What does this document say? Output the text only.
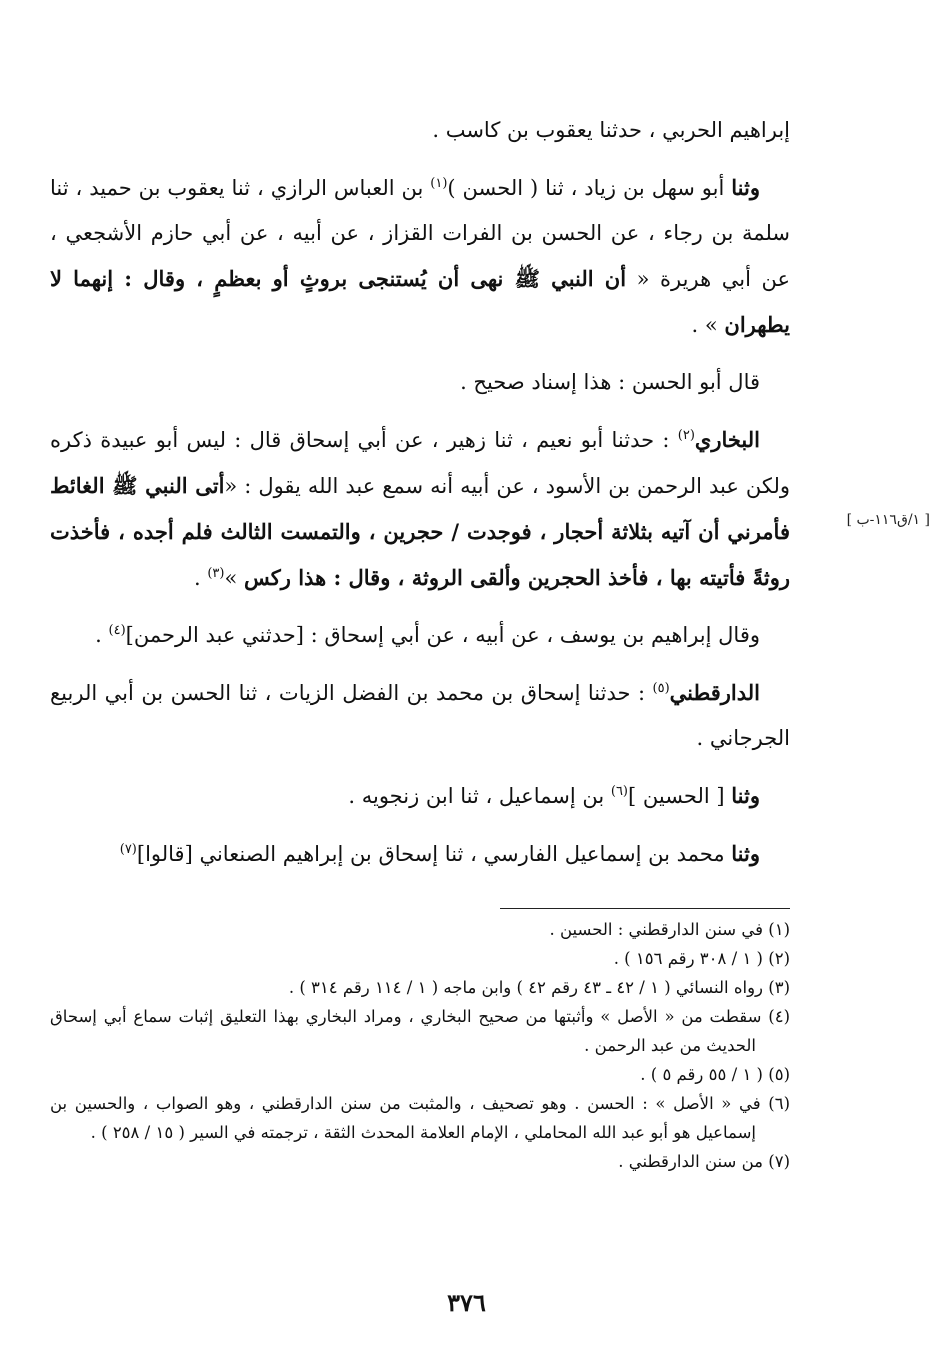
إبراهيم الحربي ، حدثنا يعقوب بن كاسب .

وثنا أبو سهل بن زياد ، ثنا ( الحسن )$^{(١)}$ بن العباس الرازي ، ثنا يعقوب بن حميد ، ثنا سلمة بن رجاء ، عن الحسن بن الفرات القزاز ، عن أبيه ، عن أبي حازم الأشجعي ، عن أبي هريرة « أن النبي ﷺ نهى أن يُستنجى بروثٍ أو بعظمٍ ، وقال : إنهما لا يطهران » .

قال أبو الحسن : هذا إسناد صحيح .

البخاري$^{(٢)}$ : حدثنا أبو نعيم ، ثنا زهير ، عن أبي إسحاق قال : ليس أبو عبيدة ذكره ولكن عبد الرحمن بن الأسود ، عن أبيه أنه سمع عبد الله يقول : «أتى النبي ﷺ الغائط فأمرني أن آتيه بثلاثة أحجار ، فوجدت / حجرين ، والتمست الثالث فلم أجده ، فأخذت روثةً فأتيته بها ، فأخذ الحجرين وألقى الروثة ، وقال : هذا ركس »$^{(٣)}$ .

وقال إبراهيم بن يوسف ، عن أبيه ، عن أبي إسحاق : [حدثني عبد الرحمن]$^{(٤)}$ .

الدارقطني$^{(٥)}$ : حدثنا إسحاق بن محمد بن الفضل الزيات ، ثنا الحسن بن أبي الربيع الجرجاني .

وثنا [ الحسين ]$^{(٦)}$ بن إسماعيل ، ثنا ابن زنجويه .

وثنا محمد بن إسماعيل الفارسي ، ثنا إسحاق بن إبراهيم الصنعاني [قالوا]$^{(٧)}$

[ ١/ق١١٦-ب ]

(١) في سنن الدارقطني : الحسين .

(٢) ( ١ / ٣٠٨ رقم ١٥٦ ) .

(٣) رواه النسائي ( ١ / ٤٢ ـ ٤٣ رقم ٤٢ ) وابن ماجه ( ١ / ١١٤ رقم ٣١٤ ) .

(٤) سقطت من « الأصل » وأثبتها من صحيح البخاري ، ومراد البخاري بهذا التعليق إثبات سماع أبي إسحاق الحديث من عبد الرحمن .

(٥) ( ١ / ٥٥ رقم ٥ ) .

(٦) في « الأصل » : الحسن . وهو تصحيف ، والمثبت من سنن الدارقطني ، وهو الصواب ، والحسين بن إسماعيل هو أبو عبد الله المحاملي ، الإمام العلامة المحدث الثقة ، ترجمته في السير ( ١٥ / ٢٥٨ ) .

(٧) من سنن الدارقطني .

٣٧٦
